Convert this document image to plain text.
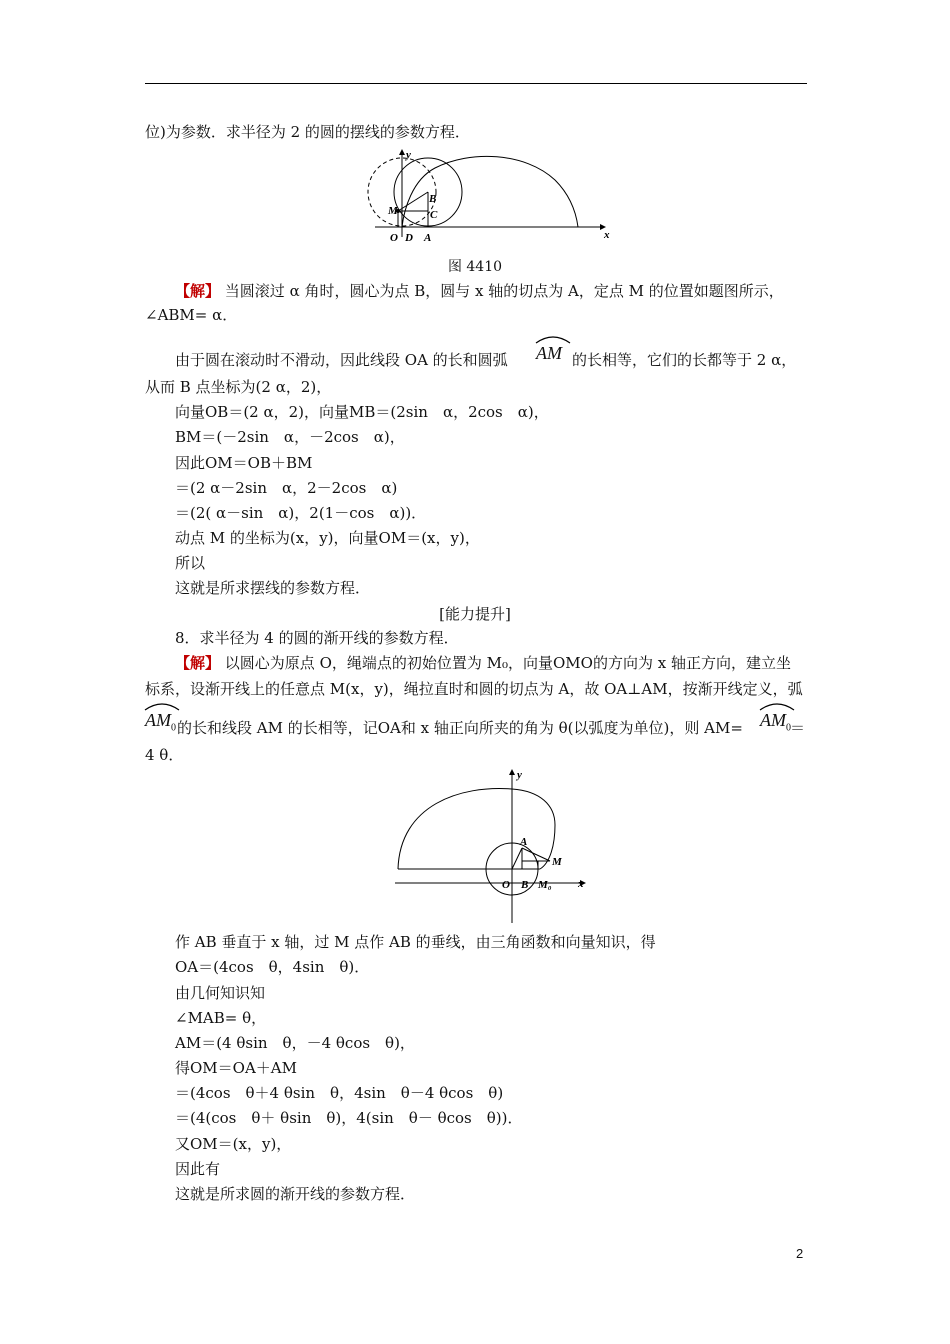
位)为参数．求半径为 2 的圆的摆线的参数方程．
O D A
M
B
C
y
x
图 4410
【解】 当圆滚过 α 角时，圆心为点 B，圆与 x 轴的切点为 A，定点 M 的位置如题图所示，
∠ABM= α．
由于圆在滚动时不滑动，因此线段 OA 的长和圆弧 AM 的长相等，它们的长都等于 2 α，
从而 B 点坐标为(2 α，2)，
向量OB＝(2 α，2)，向量MB＝(2sin　α，2cos　α)，
BM＝(－2sin　α，－2cos　α)，
因此OM＝OB＋BM
＝(2 α－2sin　α，2－2cos　α)
＝(2( α－sin　α)，2(1－cos　α))．
动点 M 的坐标为(x，y)，向量OM＝(x，y)，
所以
这就是所求摆线的参数方程．
[能力提升]
8．求半径为 4 的圆的渐开线的参数方程．
【解】 以圆心为原点 O，绳端点的初始位置为 M₀，向量OMO的方向为 x 轴正方向，建立坐
标系，设渐开线上的任意点 M(x，y)，绳拉直时和圆的切点为 A，故 OA⊥AM，按渐开线定义，弧
$AM_0$ 的长和线段 AM 的长相等，记OA和 x 轴正向所夹的角为 θ(以弧度为单位)，则 $AM= AM_0$ ＝
4 θ．
O B
A
M
M₀
y
x
作 AB 垂直于 x 轴，过 M 点作 AB 的垂线，由三角函数和向量知识，得
OA＝(4cos　θ，4sin　θ)．
由几何知识知
∠MAB= θ，
AM＝(4 θsin　θ，－4 θcos　θ)，
得OM＝OA＋AM
＝(4cos　θ＋4 θsin　θ，4sin　θ－4 θcos　θ)
＝(4(cos　θ＋ θsin　θ)，4(sin　θ－ θcos　θ))．
又OM＝(x，y)，
因此有
这就是所求圆的渐开线的参数方程．
2
